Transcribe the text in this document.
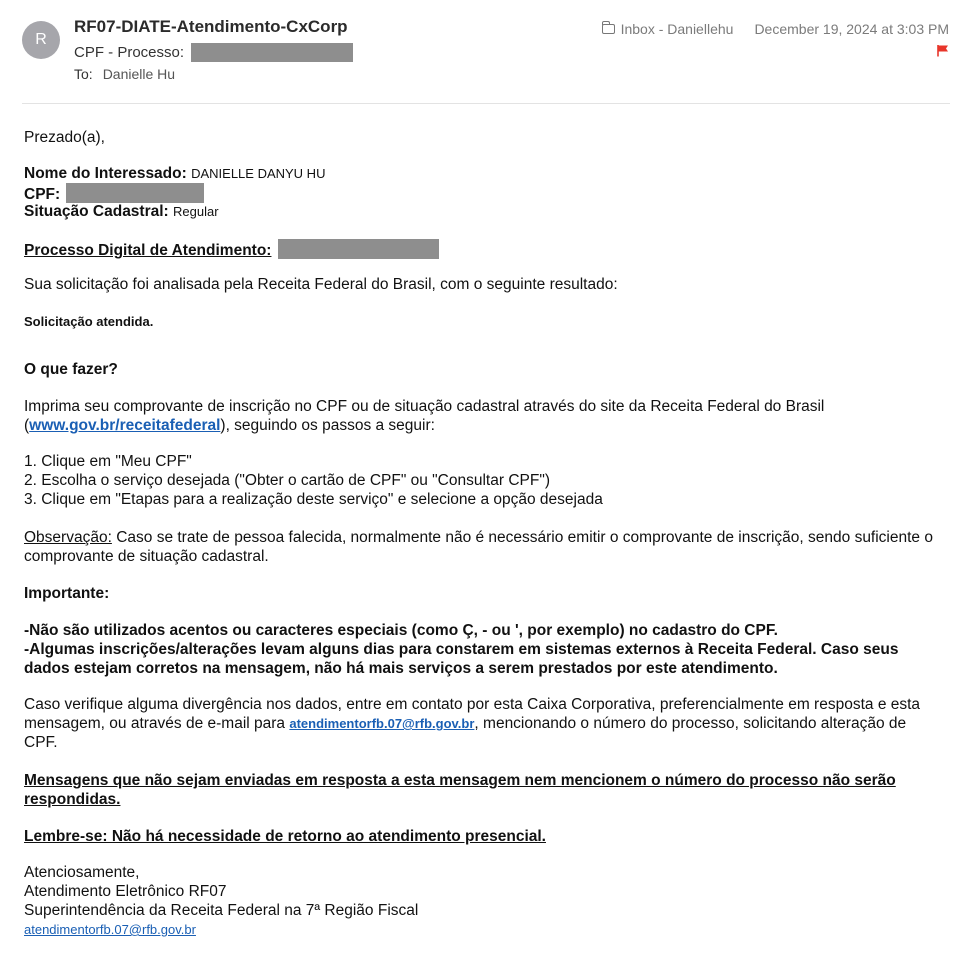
R
RF07-DIATE-Atendimento-CxCorp
CPF - Processo:
To: Danielle Hu
Inbox - Daniellehu December 19, 2024 at 3:03 PM

Prezado(a),

Nome do Interessado: DANIELLE DANYU HU
CPF:
Situação Cadastral: Regular
Processo Digital de Atendimento:

Sua solicitação foi analisada pela Receita Federal do Brasil, com o seguinte resultado:

Solicitação atendida.

O que fazer?

Imprima seu comprovante de inscrição no CPF ou de situação cadastral através do site da Receita Federal do Brasil (www.gov.br/receitafederal), seguindo os passos a seguir:

1. Clique em "Meu CPF"

2. Escolha o serviço desejada ("Obter o cartão de CPF" ou "Consultar CPF")

3. Clique em "Etapas para a realização deste serviço" e selecione a opção desejada

Observação: Caso se trate de pessoa falecida, normalmente não é necessário emitir o comprovante de inscrição, sendo suficiente o comprovante de situação cadastral.

Importante:

-Não são utilizados acentos ou caracteres especiais (como Ç, - ou ', por exemplo) no cadastro do CPF.

-Algumas inscrições/alterações levam alguns dias para constarem em sistemas externos à Receita Federal. Caso seus dados estejam corretos na mensagem, não há mais serviços a serem prestados por este atendimento.

Caso verifique alguma divergência nos dados, entre em contato por esta Caixa Corporativa, preferencialmente em resposta e esta mensagem, ou através de e-mail para atendimentorfb.07@rfb.gov.br, mencionando o número do processo, solicitando alteração de CPF.

Mensagens que não sejam enviadas em resposta a esta mensagem nem mencionem o número do processo não serão respondidas.

Lembre-se: Não há necessidade de retorno ao atendimento presencial.

Atenciosamente,

Atendimento Eletrônico RF07

Superintendência da Receita Federal na 7ª Região Fiscal

atendimentorfb.07@rfb.gov.br
